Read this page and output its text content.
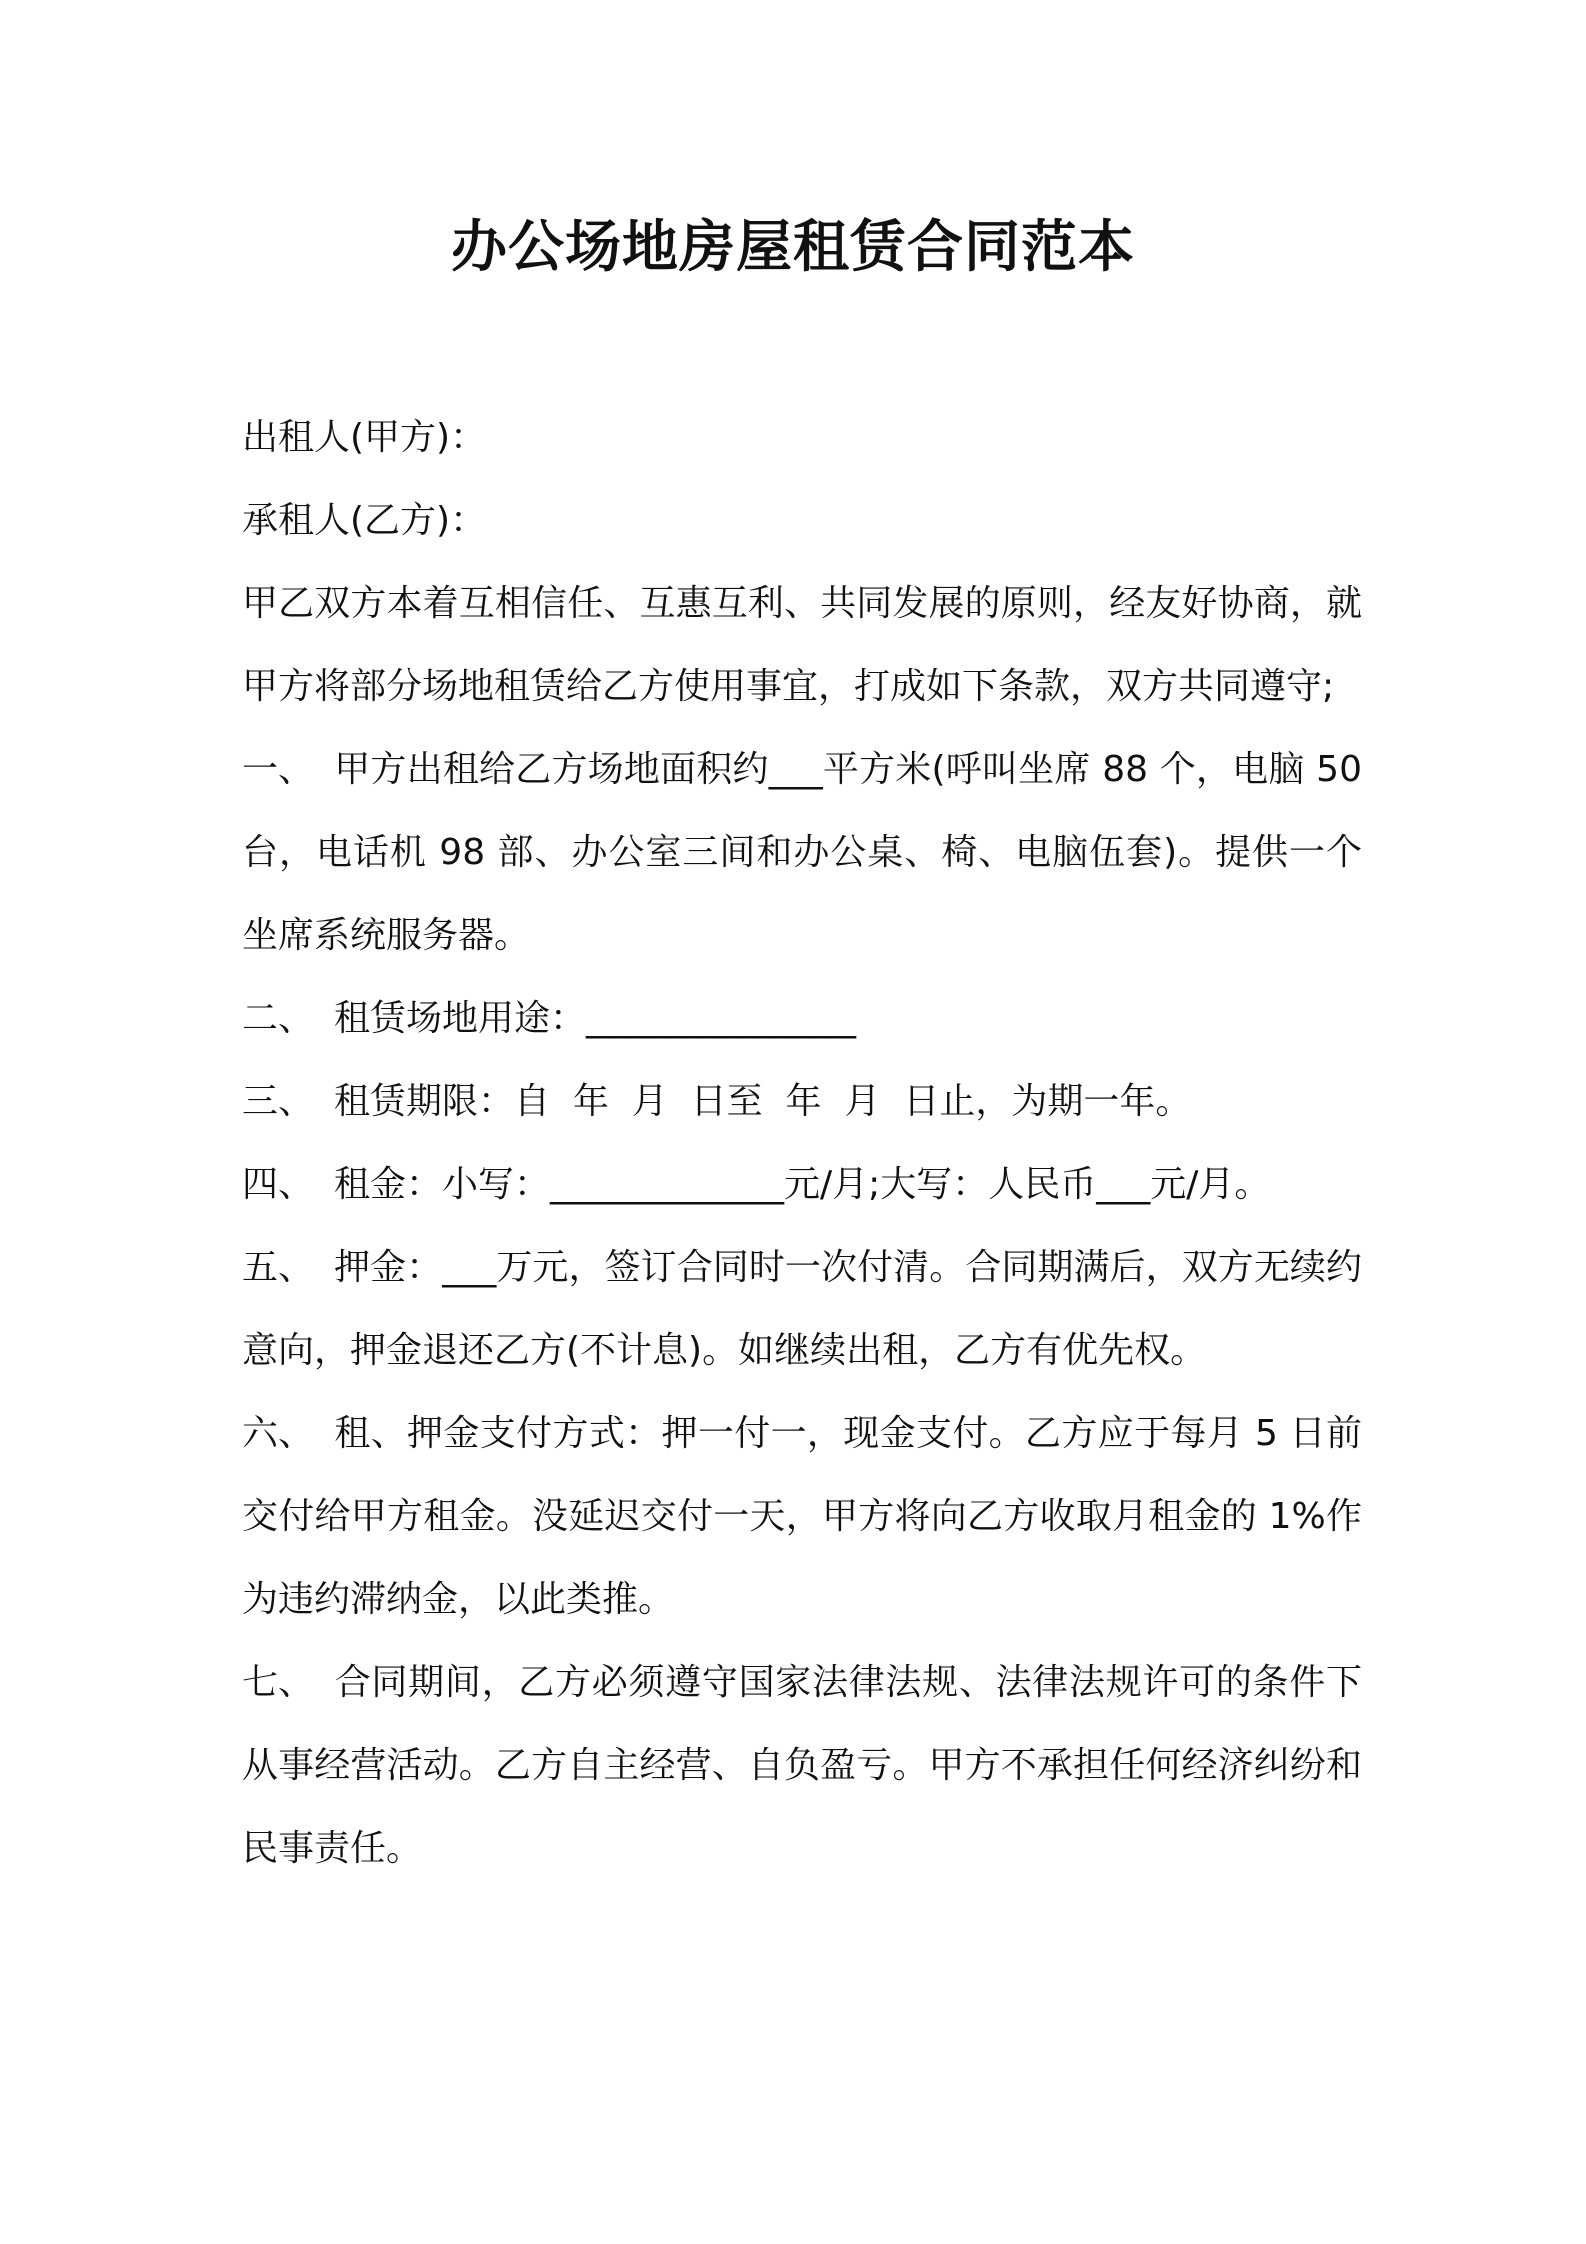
办公场地房屋租赁合同范本

出租人(甲方)：

承租人(乙方)：

甲乙双方本着互相信任、互惠互利、共同发展的原则，经友好协商，就甲方将部分场地租赁给乙方使用事宜，打成如下条款，双方共同遵守;

一、 甲方出租给乙方场地面积约___平方米(呼叫坐席 88 个，电脑 50 台，电话机 98 部、办公室三间和办公桌、椅、电脑伍套)。提供一个坐席系统服务器。

二、 租赁场地用途：_______________

三、 租赁期限：自  年  月  日至  年  月  日止，为期一年。

四、 租金：小写：_____________元/月;大写：人民币___元/月。

五、 押金：___万元，签订合同时一次付清。合同期满后，双方无续约意向，押金退还乙方(不计息)。如继续出租，乙方有优先权。

六、 租、押金支付方式：押一付一，现金支付。乙方应于每月 5 日前交付给甲方租金。没延迟交付一天，甲方将向乙方收取月租金的 1%作为违约滞纳金，以此类推。

七、 合同期间，乙方必须遵守国家法律法规、法律法规许可的条件下从事经营活动。乙方自主经营、自负盈亏。甲方不承担任何经济纠纷和民事责任。
